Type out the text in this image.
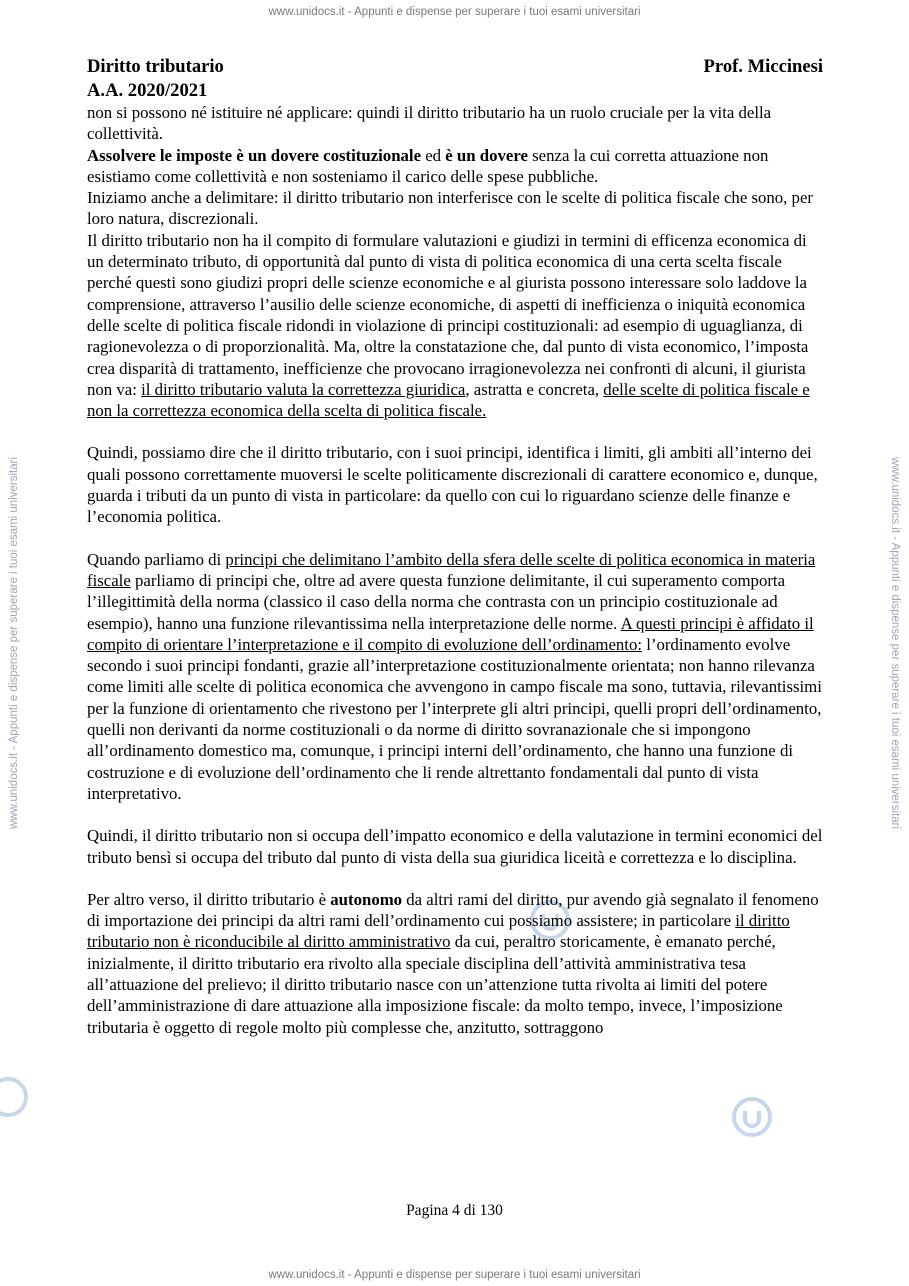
www.unidocs.it - Appunti e dispense per superare i tuoi esami universitari
www.unidocs.it - Appunti e dispense per superare i tuoi esami universitari
www.unidocs.it - Appunti e dispense per superare i tuoi esami universitari	www.unidocs.it - Appunti e dispense per superare i tuoi esami universitari
Diritto tributario	Prof. Miccinesi
A.A. 2020/2021

non si possono né istituire né applicare: quindi il diritto tributario ha un ruolo cruciale per la vita della collettività.

Assolvere le imposte è un dovere costituzionale ed è un dovere senza la cui corretta attuazione non esistiamo come collettività e non sosteniamo il carico delle spese pubbliche.

Iniziamo anche a delimitare: il diritto tributario non interferisce con le scelte di politica fiscale che sono, per loro natura, discrezionali.

Il diritto tributario non ha il compito di formulare valutazioni e giudizi in termini di efficenza economica di un determinato tributo, di opportunità dal punto di vista di politica economica di una certa scelta fiscale perché questi sono giudizi propri delle scienze economiche e al giurista possono interessare solo laddove la comprensione, attraverso l’ausilio delle scienze economiche, di aspetti di inefficienza o iniquità economica delle scelte di politica fiscale ridondi in violazione di principi costituzionali: ad esempio di uguaglianza, di ragionevolezza o di proporzionalità. Ma, oltre la constatazione che, dal punto di vista economico, l’imposta crea disparità di trattamento, inefficienze che provocano irragionevolezza nei confronti di alcuni, il giurista non va: il diritto tributario valuta la correttezza giuridica, astratta e concreta, delle scelte di politica fiscale e non la correttezza economica della scelta di politica fiscale.

Quindi, possiamo dire che il diritto tributario, con i suoi principi, identifica i limiti, gli ambiti all’interno dei quali possono correttamente muoversi le scelte politicamente discrezionali di carattere economico e, dunque, guarda i tributi da un punto di vista in particolare: da quello con cui lo riguardano scienze delle finanze e l’economia politica.

Quando parliamo di principi che delimitano l’ambito della sfera delle scelte di politica economica in materia fiscale parliamo di principi che, oltre ad avere questa funzione delimitante, il cui superamento comporta l’illegittimità della norma (classico il caso della norma che contrasta con un principio costituzionale ad esempio), hanno una funzione rilevantissima nella interpretazione delle norme. A questi principi è affidato il compito di orientare l’interpretazione e il compito di evoluzione dell’ordinamento: l’ordinamento evolve secondo i suoi principi fondanti, grazie all’interpretazione costituzionalmente orientata; non hanno rilevanza come limiti alle scelte di politica economica che avvengono in campo fiscale ma sono, tuttavia, rilevantissimi per la funzione di orientamento che rivestono per l’interprete gli altri principi, quelli propri dell’ordinamento, quelli non derivanti da norme costituzionali o da norme di diritto sovranazionale che si impongono all’ordinamento domestico ma, comunque, i principi interni dell’ordinamento, che hanno una funzione di costruzione e di evoluzione dell’ordinamento che li rende altrettanto fondamentali dal punto di vista interpretativo.

Quindi, il diritto tributario non si occupa dell’impatto economico e della valutazione in termini economici del tributo bensì si occupa del tributo dal punto di vista della sua giuridica liceità e correttezza e lo disciplina.

Per altro verso, il diritto tributario è autonomo da altri rami del diritto, pur avendo già segnalato il fenomeno di importazione dei principi da altri rami dell’ordinamento cui possiamo assistere; in particolare il diritto tributario non è riconducibile al diritto amministrativo da cui, peraltro storicamente, è emanato perché, inizialmente, il diritto tributario era rivolto alla speciale disciplina dell’attività amministrativa tesa all’attuazione del prelievo; il diritto tributario nasce con un’attenzione tutta rivolta ai limiti del potere dell’amministrazione di dare attuazione alla imposizione fiscale: da molto tempo, invece, l’imposizione tributaria è oggetto di regole molto più complesse che, anzitutto, sottraggono

Pagina 4 di 130
